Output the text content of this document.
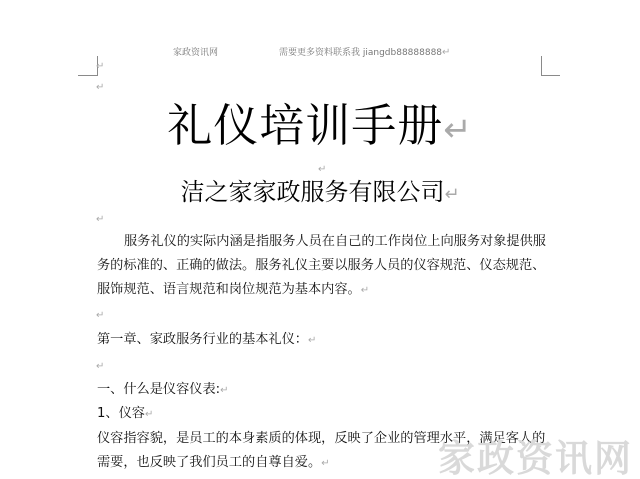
家政资讯网	需要更多资料联系我 jiangdb88888888↵
↵
↵
礼仪培训手册↵
↵
洁之家家政服务有限公司↵
↵
服务礼仪的实际内涵是指服务人员在自己的工作岗位上向服务对象提供服务的标准的、正确的做法。服务礼仪主要以服务人员的仪容规范、仪态规范、服饰规范、语言规范和岗位规范为基本内容。↵
↵
第一章、家政服务行业的基本礼仪：↵
↵
一、什么是仪容仪表:↵
1、仪容↵
仪容指容貌，是员工的本身素质的体现，反映了企业的管理水平，满足客人的需要，也反映了我们员工的自尊自爱。↵	家政资讯网
